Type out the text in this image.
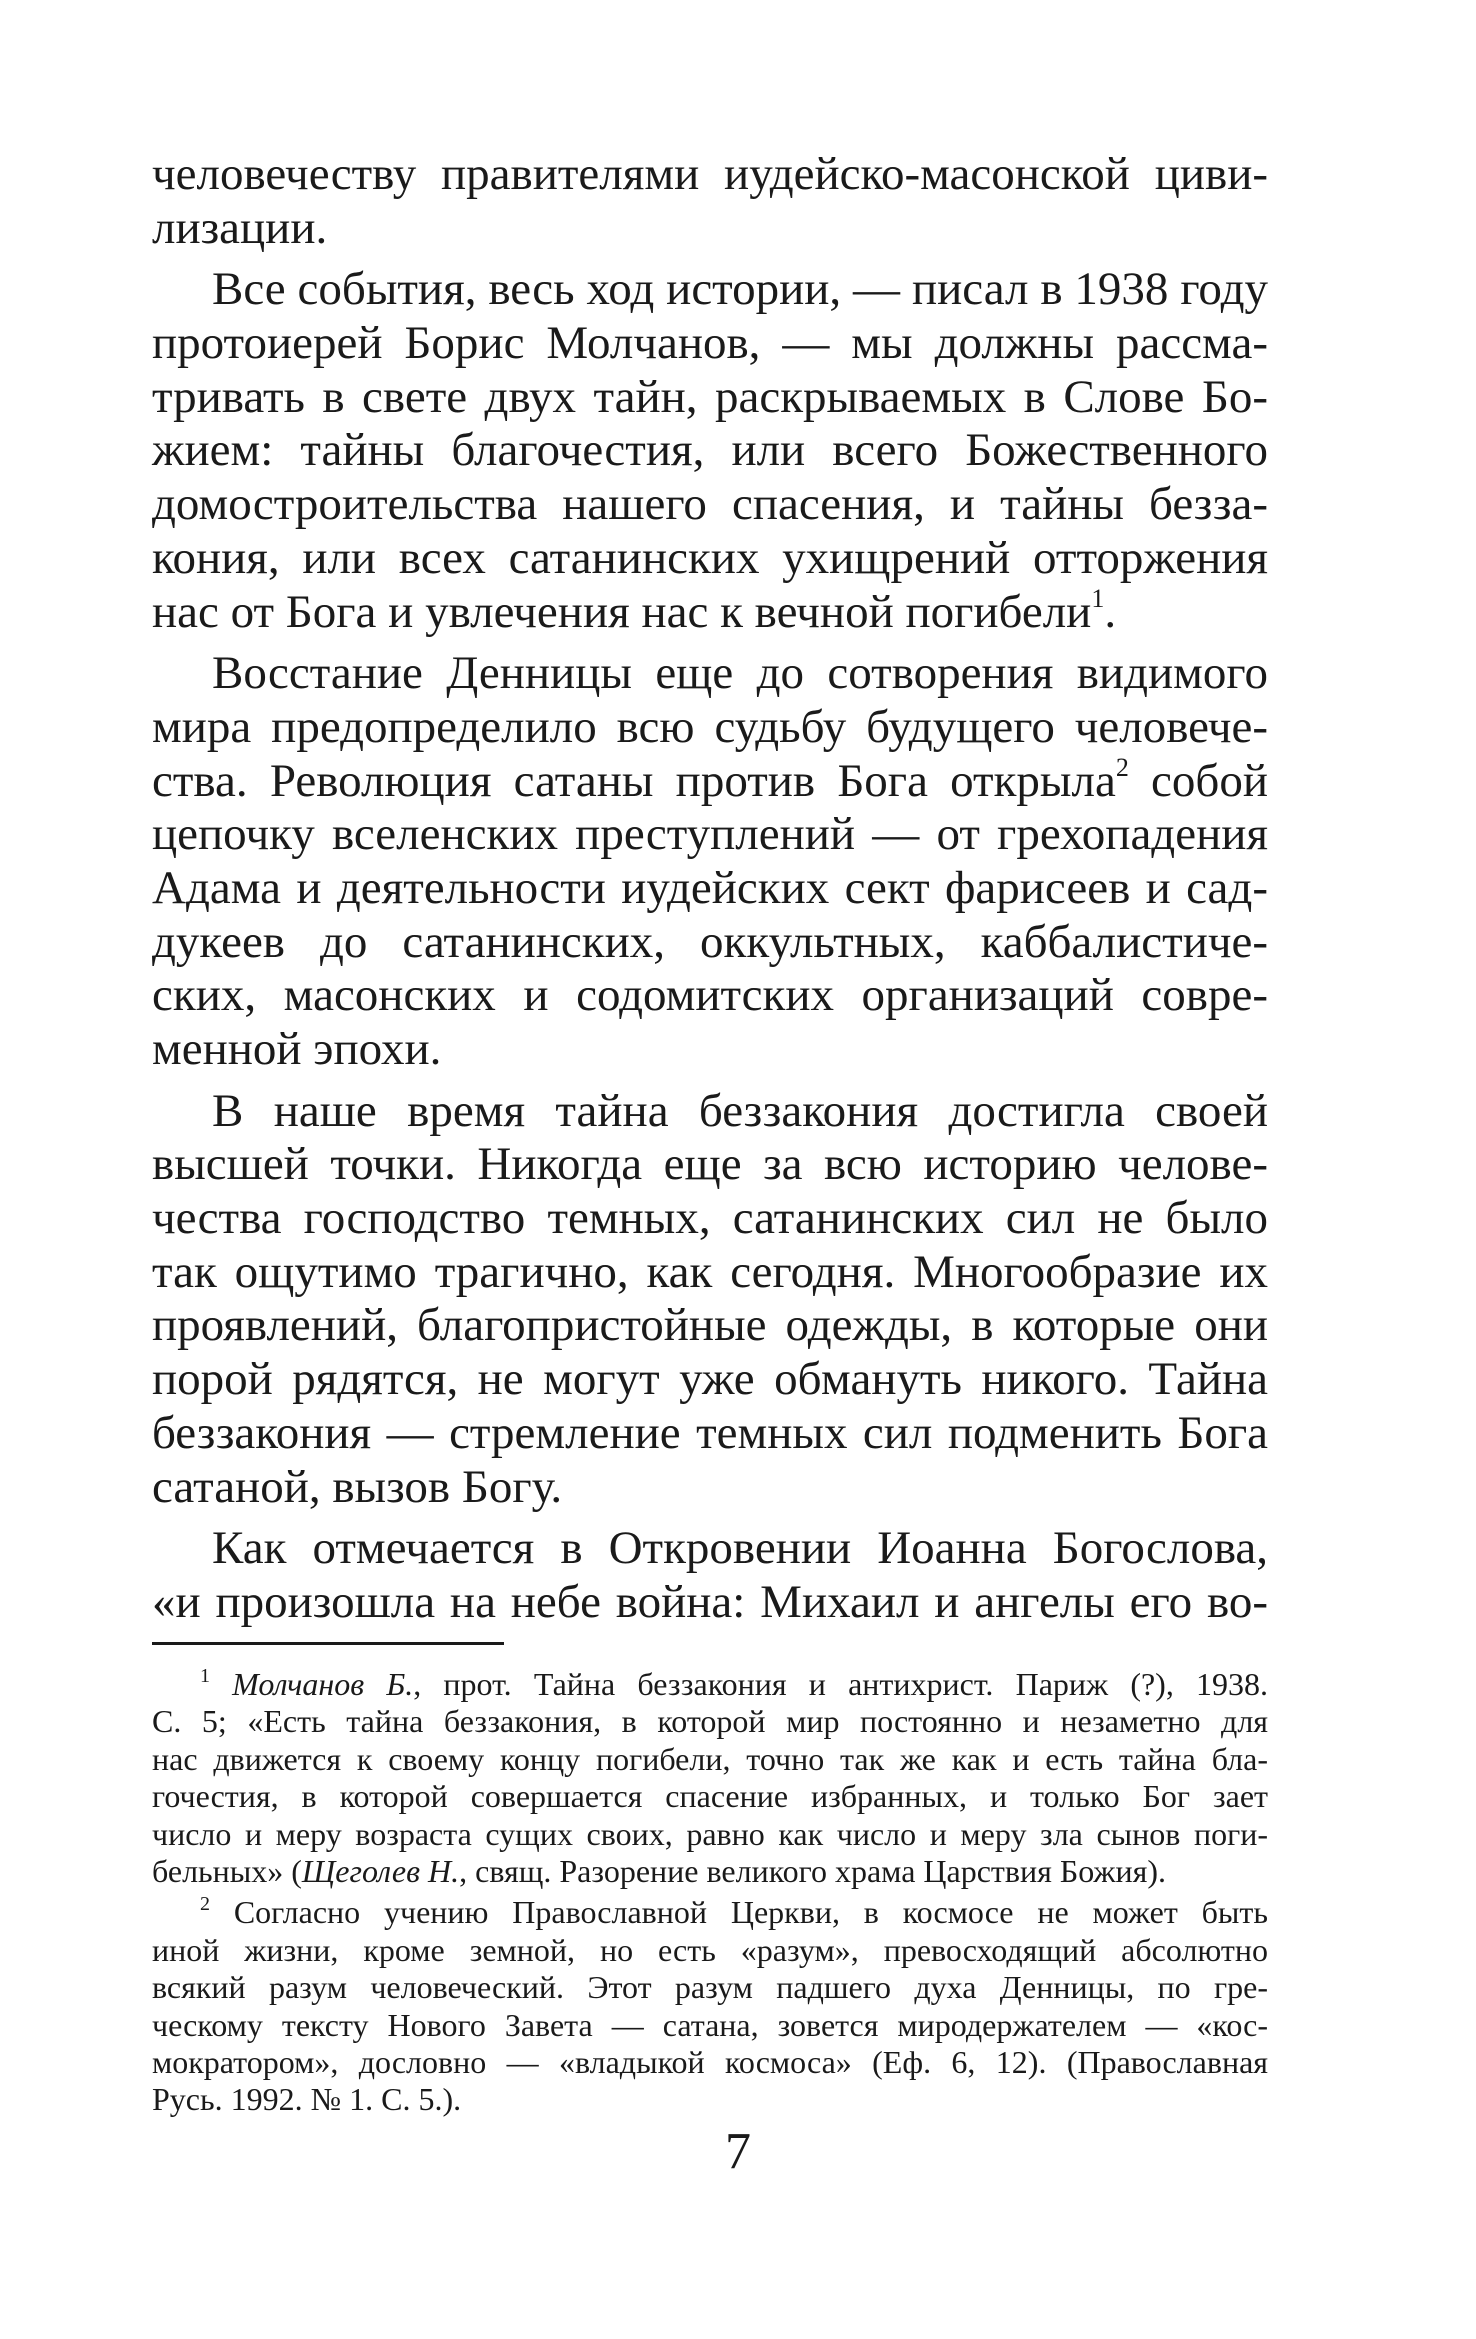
человечеству правителями иудейско-масонской циви-
лизации.
Все события, весь ход истории, — писал в 1938 году
протоиерей Борис Молчанов, — мы должны рассма-
тривать в свете двух тайн, раскрываемых в Слове Бо-
жием: тайны благочестия, или всего Божественного
домостроительства нашего спасения, и тайны безза-
кония, или всех сатанинских ухищрений отторжения
нас от Бога и увлечения нас к вечной погибели$^1$.
Восстание Денницы еще до сотворения видимого
мира предопределило всю судьбу будущего человече-
ства. Революция сатаны против Бога открыла$^2$ собой
цепочку вселенских преступлений — от грехопадения
Адама и деятельности иудейских сект фарисеев и сад-
дукеев до сатанинских, оккультных, каббалистиче-
ских, масонских и содомитских организаций совре-
менной эпохи.
В наше время тайна беззакония достигла своей
высшей точки. Никогда еще за всю историю челове-
чества господство темных, сатанинских сил не было
так ощутимо трагично, как сегодня. Многообразие их
проявлений, благопристойные одежды, в которые они
порой рядятся, не могут уже обмануть никого. Тайна
беззакония — стремление темных сил подменить Бога
сатаной, вызов Богу.
Как отмечается в Откровении Иоанна Богослова,
«и произошла на небе война: Михаил и ангелы его во-
$^1$ Молчанов Б., прот. Тайна беззакония и антихрист. Париж (?), 1938.
С. 5; «Есть тайна беззакония, в которой мир постоянно и незаметно для
нас движется к своему концу погибели, точно так же как и есть тайна бла-
гочестия, в которой совершается спасение избранных, и только Бог зает
число и меру возраста сущих своих, равно как число и меру зла сынов поги-
бельных» (Щеголев Н., свящ. Разорение великого храма Царствия Божия).
$^2$ Согласно учению Православной Церкви, в космосе не может быть
иной жизни, кроме земной, но есть «разум», превосходящий абсолютно
всякий разум человеческий. Этот разум падшего духа Денницы, по гре-
ческому тексту Нового Завета — сатана, зовется миродержателем — «кос-
мократором», дословно — «владыкой космоса» (Еф. 6, 12). (Православная
Русь. 1992. № 1. С. 5.).
7
